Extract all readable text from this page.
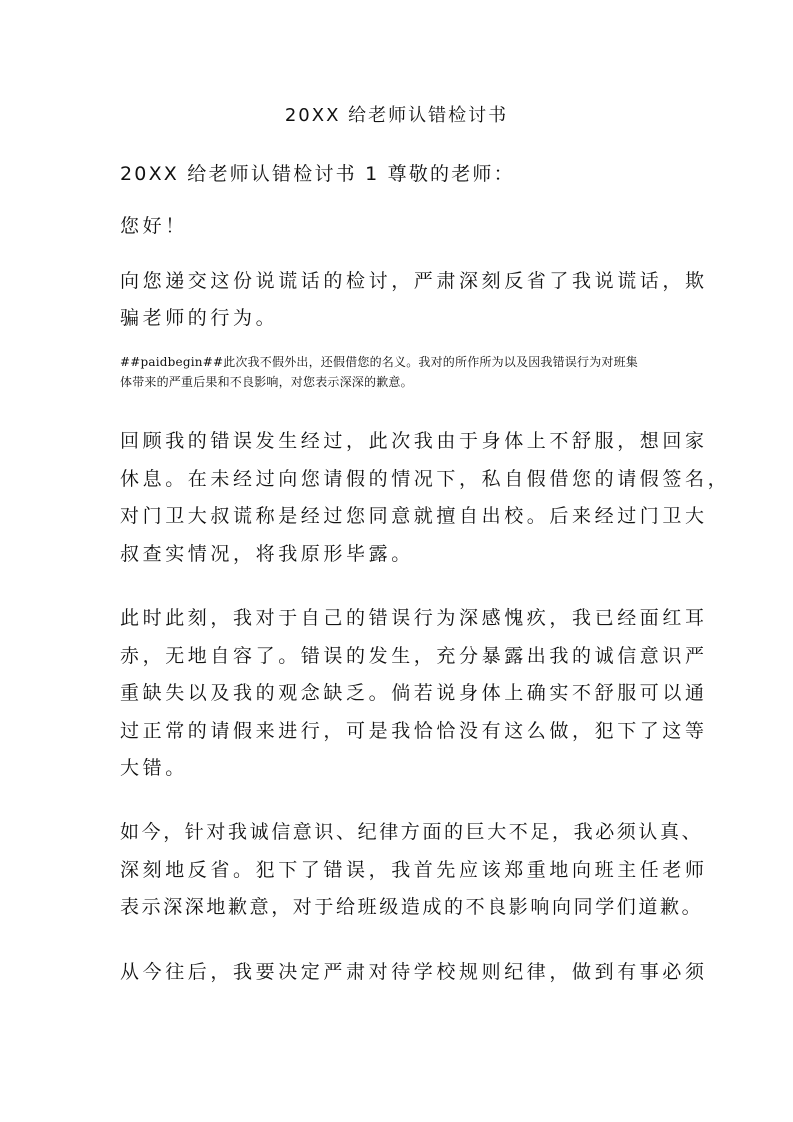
20XX 给老师认错检讨书

20XX 给老师认错检讨书 1 尊敬的老师：

您好！

向您递交这份说谎话的检讨，严肃深刻反省了我说谎话，欺
骗老师的行为。
##paidbegin##此次我不假外出，还假借您的名义。我对的所作所为以及因我错误行为对班集
体带来的严重后果和不良影响，对您表示深深的歉意。
回顾我的错误发生经过，此次我由于身体上不舒服，想回家
休息。在未经过向您请假的情况下，私自假借您的请假签名，
对门卫大叔谎称是经过您同意就擅自出校。后来经过门卫大
叔查实情况，将我原形毕露。
此时此刻，我对于自己的错误行为深感愧疚，我已经面红耳
赤，无地自容了。错误的发生，充分暴露出我的诚信意识严
重缺失以及我的观念缺乏。倘若说身体上确实不舒服可以通
过正常的请假来进行，可是我恰恰没有这么做，犯下了这等
大错。
如今，针对我诚信意识、纪律方面的巨大不足，我必须认真、
深刻地反省。犯下了错误，我首先应该郑重地向班主任老师
表示深深地歉意，对于给班级造成的不良影响向同学们道歉。
从今往后，我要决定严肃对待学校规则纪律，做到有事必须
